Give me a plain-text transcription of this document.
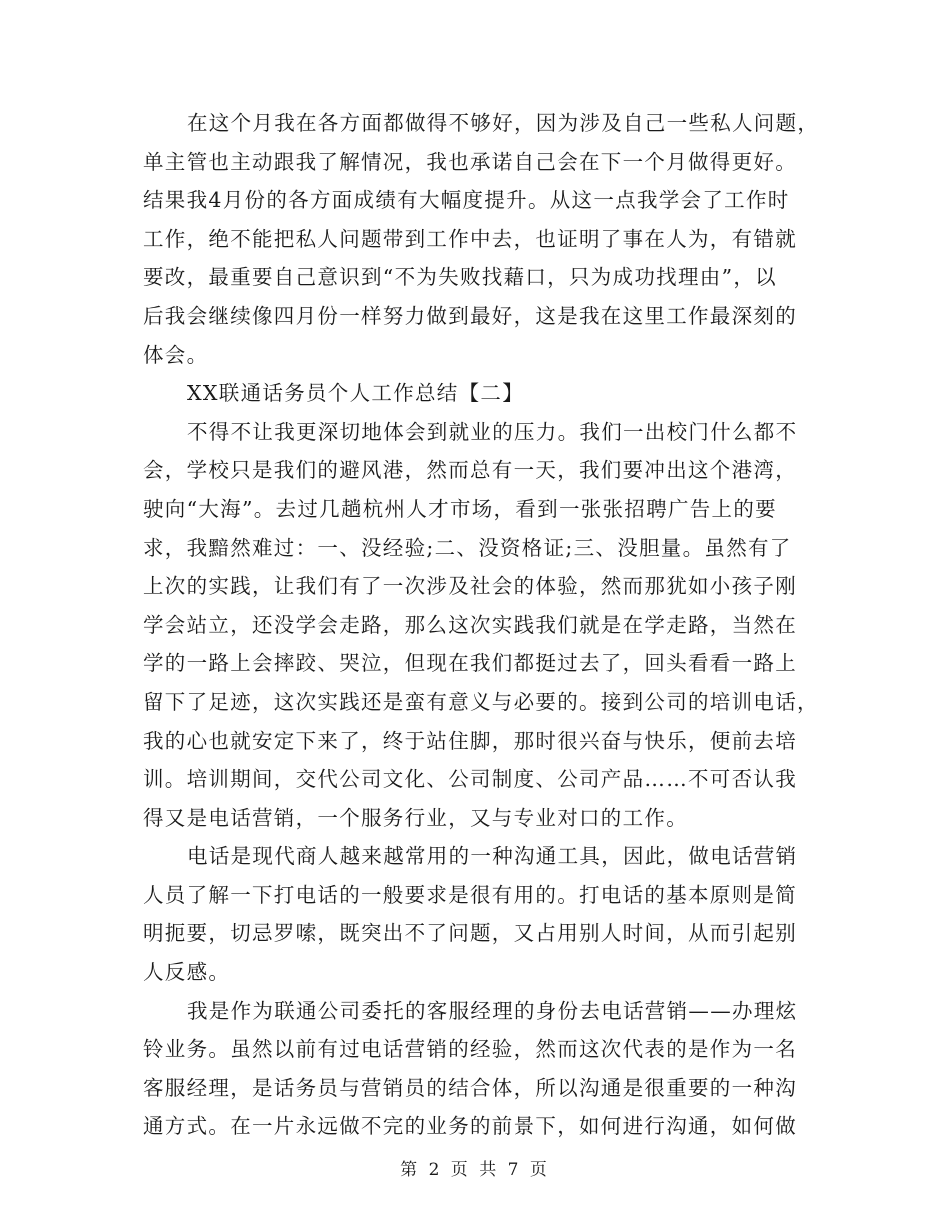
在这个月我在各方面都做得不够好，因为涉及自己一些私人问题，
单主管也主动跟我了解情况，我也承诺自己会在下一个月做得更好。
结果我4月份的各方面成绩有大幅度提升。从这一点我学会了工作时
工作，绝不能把私人问题带到工作中去，也证明了事在人为，有错就
要改，最重要自己意识到“不为失败找藉口，只为成功找理由”，以
后我会继续像四月份一样努力做到最好，这是我在这里工作最深刻的
体会。
XX联通话务员个人工作总结【二】
不得不让我更深切地体会到就业的压力。我们一出校门什么都不
会，学校只是我们的避风港，然而总有一天，我们要冲出这个港湾，
驶向“大海”。去过几趟杭州人才市场，看到一张张招聘广告上的要
求，我黯然难过：一、没经验;二、没资格证;三、没胆量。虽然有了
上次的实践，让我们有了一次涉及社会的体验，然而那犹如小孩子刚
学会站立，还没学会走路，那么这次实践我们就是在学走路，当然在
学的一路上会摔跤、哭泣，但现在我们都挺过去了，回头看看一路上
留下了足迹，这次实践还是蛮有意义与必要的。接到公司的培训电话，
我的心也就安定下来了，终于站住脚，那时很兴奋与快乐，便前去培
训。培训期间，交代公司文化、公司制度、公司产品……不可否认我
得又是电话营销，一个服务行业，又与专业对口的工作。
电话是现代商人越来越常用的一种沟通工具，因此，做电话营销
人员了解一下打电话的一般要求是很有用的。打电话的基本原则是简
明扼要，切忌罗嗦，既突出不了问题，又占用别人时间，从而引起别
人反感。
我是作为联通公司委托的客服经理的身份去电话营销——办理炫
铃业务。虽然以前有过电话营销的经验，然而这次代表的是作为一名
客服经理，是话务员与营销员的结合体，所以沟通是很重要的一种沟
通方式。在一片永远做不完的业务的前景下，如何进行沟通，如何做
第 2 页 共 7 页
